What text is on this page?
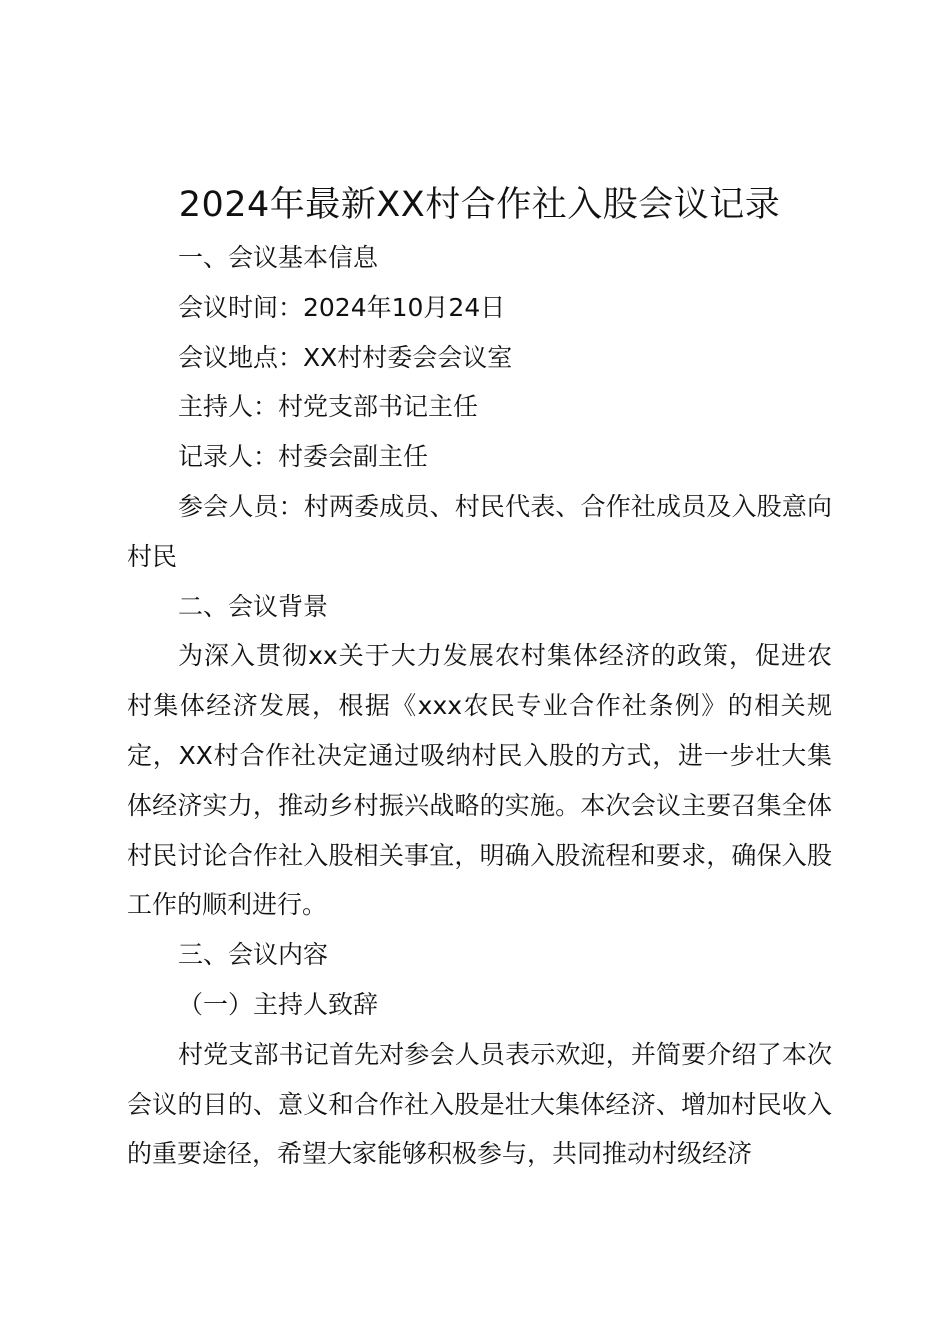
2024年最新XX村合作社入股会议记录

一、会议基本信息

会议时间：2024年10月24日

会议地点：XX村村委会会议室

主持人：村党支部书记主任

记录人：村委会副主任

参会人员：村两委成员、村民代表、合作社成员及入股意向村民

二、会议背景

为深入贯彻xx关于大力发展农村集体经济的政策，促进农村集体经济发展，根据《xxx农民专业合作社条例》的相关规定，XX村合作社决定通过吸纳村民入股的方式，进一步壮大集体经济实力，推动乡村振兴战略的实施。本次会议主要召集全体村民讨论合作社入股相关事宜，明确入股流程和要求，确保入股工作的顺利进行。

三、会议内容

（一）主持人致辞

村党支部书记首先对参会人员表示欢迎，并简要介绍了本次会议的目的、意义和合作社入股是壮大集体经济、增加村民收入的重要途径，希望大家能够积极参与，共同推动村级经济
